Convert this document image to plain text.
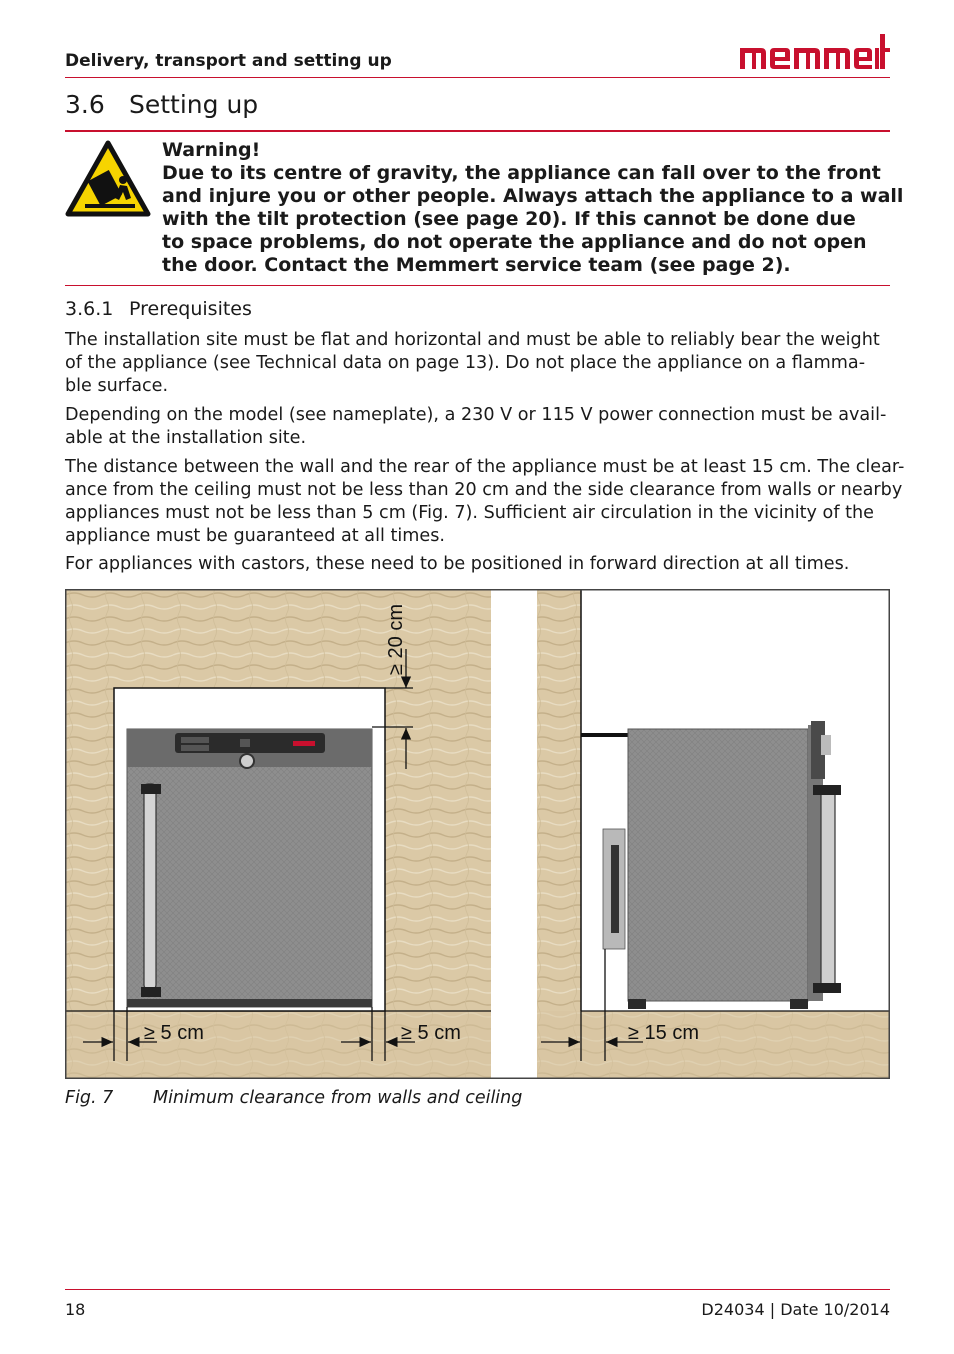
Delivery, transport and setting up
3.6 Setting up
Warning!
Due to its centre of gravity, the appliance can fall over to the front
and injure you or other people. Always attach the appliance to a wall
with the tilt protection (see page 20). If this cannot be done due
to space problems, do not operate the appliance and do not open
the door. Contact the Memmert service team (see page 2).
3.6.1 Prerequisites
The installation site must be flat and horizontal and must be able to reliably bear the weight
of the appliance (see Technical data on page 13). Do not place the appliance on a flamma-
ble surface.
Depending on the model (see nameplate), a 230 V or 115 V power connection must be avail-
able at the installation site.
The distance between the wall and the rear of the appliance must be at least 15 cm. The clear-
ance from the ceiling must not be less than 20 cm and the side clearance from walls or nearby
appliances must not be less than 5 cm (Fig. 7). Sufficient air circulation in the vicinity of the
appliance must be guaranteed at all times.
For appliances with castors, these need to be positioned in forward direction at all times.
≥ 20 cm
≥ 5 cm	≥ 5 cm	≥ 15 cm
Fig. 7 Minimum clearance from walls and ceiling
18	D24034 | Date 10/2014
